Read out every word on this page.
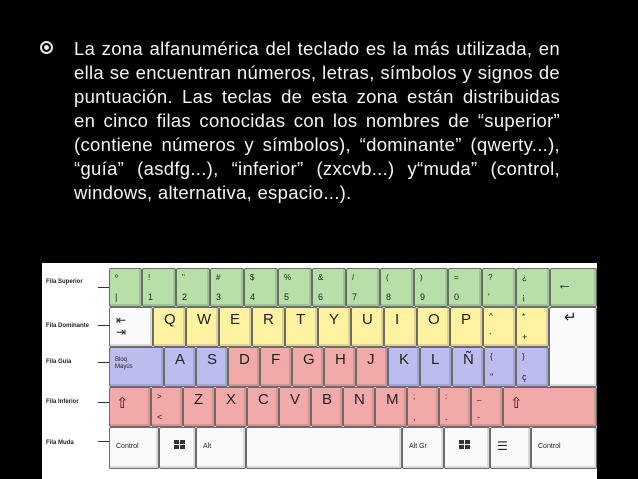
La zona alfanumérica del teclado es la más utilizada, en ella se encuentran números, letras, símbolos y signos de puntuación. Las teclas de esta zona están distribuidas en cinco filas conocidas con los nombres de “superior” (contiene números y símbolos), “dominante” (qwerty...), “guía” (asdfg...), “inferior” (zxcvb...) y“muda” (control, windows, alternativa, espacio...).
Fila Superior
Fila Dominante
Fila Guía
Fila Inferior
Fila Muda
º
|
!
1
"
2
#
3
$
4
%
5
&
6
/
7
(
8
)
9
=
0
?
'
¿
¡
←
⇤
⇥
Q W E R T Y U I O P ^
`
*
+
↵
Bloq Mayús	A S D F G H J K L Ñ {
"
}
ç
⇧	>
<
Z X C V B N M ;
,
:
.
_
-
⇧
Control	Alt	Alt Gr	☰	Control
